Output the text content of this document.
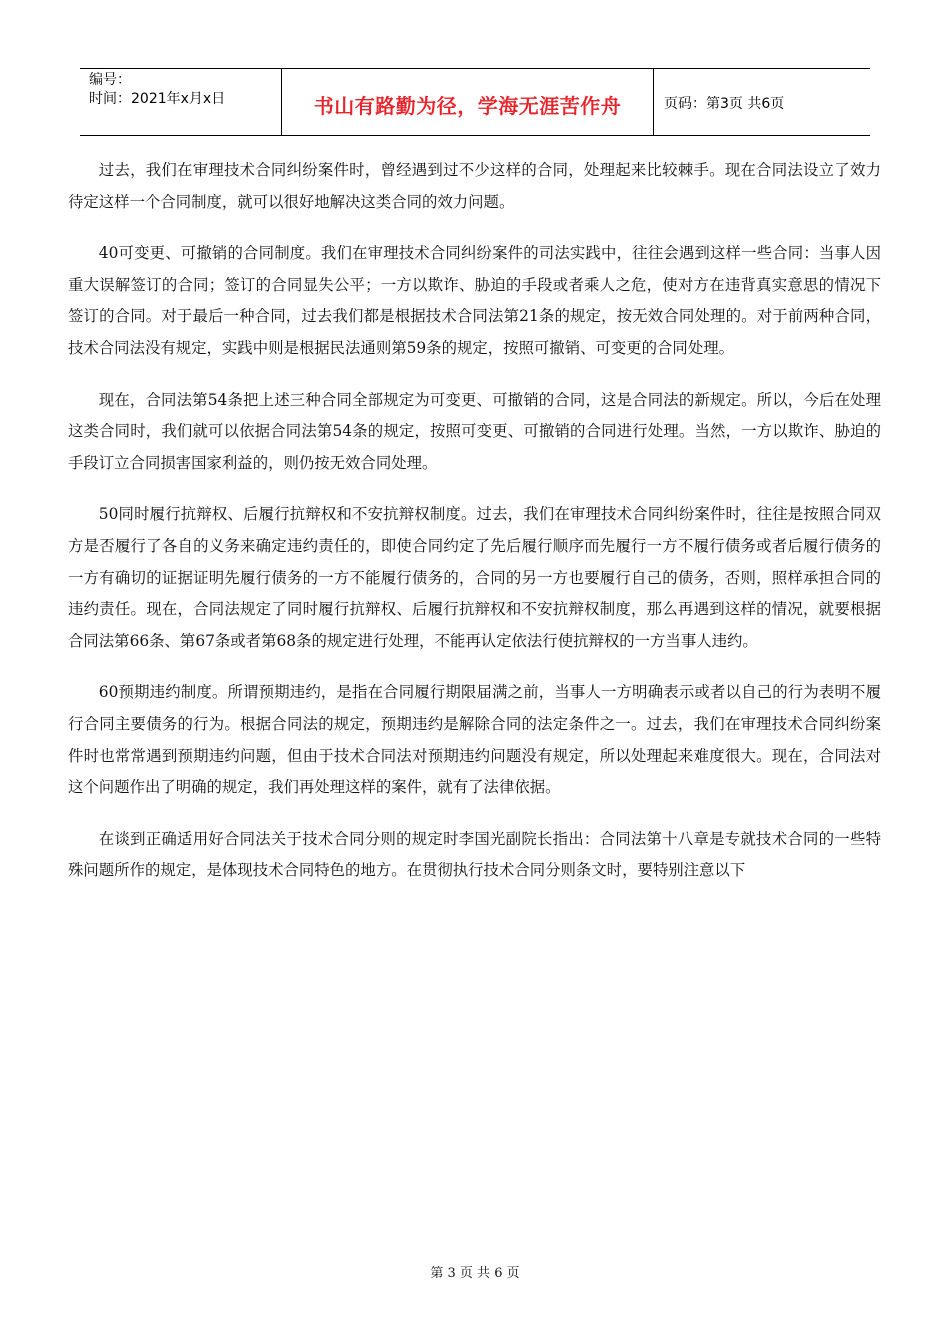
编号：
时间：2021年x月x日	书山有路勤为径，学海无涯苦作舟	页码：第3页 共6页

过去，我们在审理技术合同纠纷案件时，曾经遇到过不少这样的合同，处理起来比较棘手。现在合同法设立了效力待定这样一个合同制度，就可以很好地解决这类合同的效力问题。

40可变更、可撤销的合同制度。我们在审理技术合同纠纷案件的司法实践中，往往会遇到这样一些合同：当事人因重大误解签订的合同；签订的合同显失公平；一方以欺诈、胁迫的手段或者乘人之危，使对方在违背真实意思的情况下签订的合同。对于最后一种合同，过去我们都是根据技术合同法第21条的规定，按无效合同处理的。对于前两种合同，技术合同法没有规定，实践中则是根据民法通则第59条的规定，按照可撤销、可变更的合同处理。

现在，合同法第54条把上述三种合同全部规定为可变更、可撤销的合同，这是合同法的新规定。所以，今后在处理这类合同时，我们就可以依据合同法第54条的规定，按照可变更、可撤销的合同进行处理。当然，一方以欺诈、胁迫的手段订立合同损害国家利益的，则仍按无效合同处理。

50同时履行抗辩权、后履行抗辩权和不安抗辩权制度。过去，我们在审理技术合同纠纷案件时，往往是按照合同双方是否履行了各自的义务来确定违约责任的，即使合同约定了先后履行顺序而先履行一方不履行债务或者后履行债务的一方有确切的证据证明先履行债务的一方不能履行债务的，合同的另一方也要履行自己的债务，否则，照样承担合同的违约责任。现在，合同法规定了同时履行抗辩权、后履行抗辩权和不安抗辩权制度，那么再遇到这样的情况，就要根据合同法第66条、第67条或者第68条的规定进行处理，不能再认定依法行使抗辩权的一方当事人违约。

60预期违约制度。所谓预期违约，是指在合同履行期限届满之前，当事人一方明确表示或者以自己的行为表明不履行合同主要债务的行为。根据合同法的规定，预期违约是解除合同的法定条件之一。过去，我们在审理技术合同纠纷案件时也常常遇到预期违约问题，但由于技术合同法对预期违约问题没有规定，所以处理起来难度很大。现在，合同法对这个问题作出了明确的规定，我们再处理这样的案件，就有了法律依据。

在谈到正确适用好合同法关于技术合同分则的规定时李国光副院长指出：合同法第十八章是专就技术合同的一些特殊问题所作的规定，是体现技术合同特色的地方。在贯彻执行技术合同分则条文时，要特别注意以下

第 3 页 共 6 页
